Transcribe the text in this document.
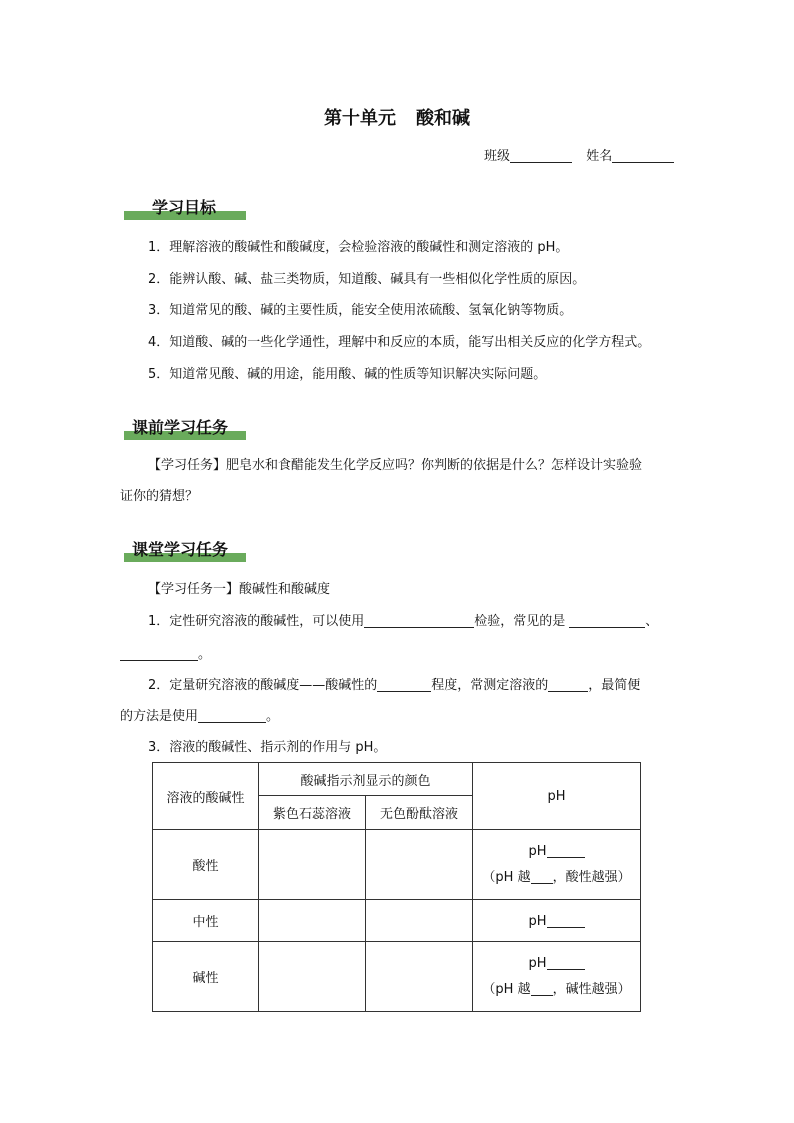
第十单元 酸和碱
班级	姓名
学习目标
1．理解溶液的酸碱性和酸碱度，会检验溶液的酸碱性和测定溶液的 pH。
2．能辨认酸、碱、盐三类物质，知道酸、碱具有一些相似化学性质的原因。
3．知道常见的酸、碱的主要性质，能安全使用浓硫酸、氢氧化钠等物质。
4．知道酸、碱的一些化学通性，理解中和反应的本质，能写出相关反应的化学方程式。
5．知道常见酸、碱的用途，能用酸、碱的性质等知识解决实际问题。
课前学习任务
【学习任务】肥皂水和食醋能发生化学反应吗？你判断的依据是什么？怎样设计实验验
证你的猜想？
课堂学习任务
【学习任务一】酸碱性和酸碱度
1．定性研究溶液的酸碱性，可以使用	检验，常见的是	、
。
2．定量研究溶液的酸碱度——酸碱性的	程度，常测定溶液的	，最简便
的方法是使用	。
3．溶液的酸碱性、指示剂的作用与 pH。
溶液的酸碱性	酸碱指示剂显示的颜色		pH
	紫色石蕊溶液	无色酚酞溶液	
酸性			pH
（pH 越 ，酸性越强）

中性			pH
碱性			pH
（pH 越 ，碱性越强）
